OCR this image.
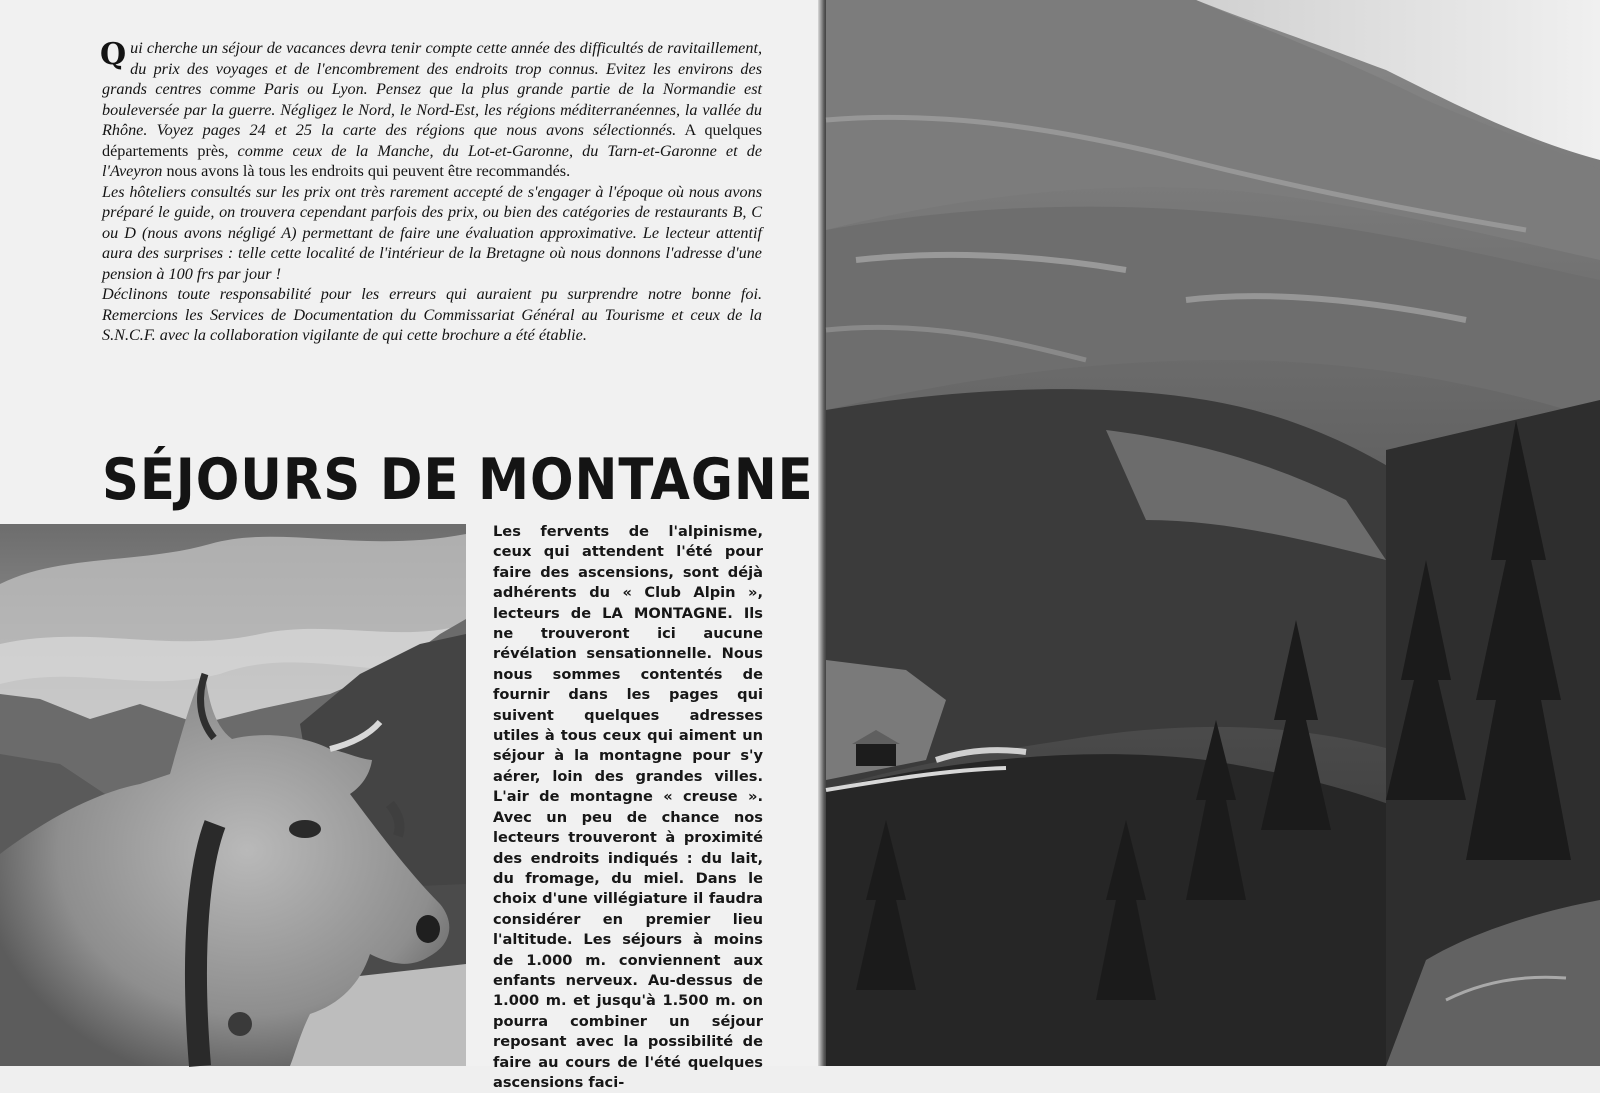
Qui cherche un séjour de vacances devra tenir compte cette année des difficultés de ravitaillement, du prix des voyages et de l'encombrement des endroits trop connus. Evitez les environs des grands centres comme Paris ou Lyon. Pensez que la plus grande partie de la Normandie est bouleversée par la guerre. Négligez le Nord, le Nord-Est, les régions méditerranéennes, la vallée du Rhône. Voyez pages 24 et 25 la carte des régions que nous avons sélectionnés. A quelques départements près, comme ceux de la Manche, du Lot-et-Garonne, du Tarn-et-Garonne et de l'Aveyron nous avons là tous les endroits qui peuvent être recommandés.

Les hôteliers consultés sur les prix ont très rarement accepté de s'engager à l'époque où nous avons préparé le guide, on trouvera cependant parfois des prix, ou bien des catégories de restaurants B, C ou D (nous avons négligé A) permettant de faire une évaluation approximative. Le lecteur attentif aura des surprises : telle cette localité de l'intérieur de la Bretagne où nous donnons l'adresse d'une pension à 100 frs par jour !

Déclinons toute responsabilité pour les erreurs qui auraient pu surprendre notre bonne foi. Remercions les Services de Documentation du Commissariat Général au Tourisme et ceux de la S.N.C.F. avec la collaboration vigilante de qui cette brochure a été établie.

SÉJOURS DE MONTAGNE

Les fervents de l'alpinisme, ceux qui attendent l'été pour faire des ascensions, sont déjà adhérents du « Club Alpin », lecteurs de LA MONTAGNE. Ils ne trouveront ici aucune révélation sensationnelle. Nous nous sommes contentés de fournir dans les pages qui suivent quelques adresses utiles à tous ceux qui aiment un séjour à la montagne pour s'y aérer, loin des grandes villes. L'air de montagne « creuse ». Avec un peu de chance nos lecteurs trouveront à proximité des endroits indiqués : du lait, du fromage, du miel. Dans le choix d'une villégiature il faudra considérer en premier lieu l'altitude. Les séjours à moins de 1.000 m. conviennent aux enfants nerveux. Au-dessus de 1.000 m. et jusqu'à 1.500 m. on pourra combiner un séjour reposant avec la possibilité de faire au cours de l'été quelques ascensions faci-
